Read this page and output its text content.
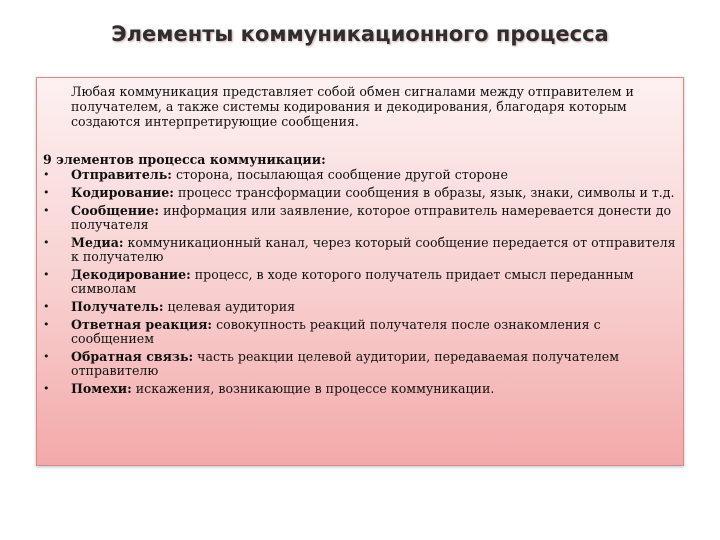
Элементы коммуникационного процесса

Любая коммуникация представляет собой обмен сигналами между отправителем и получателем, а также системы кодирования и декодирования, благодаря которым создаются интерпретирующие сообщения.

9 элементов процесса коммуникации:

• Отправитель: сторона, посылающая сообщение другой стороне
• Кодирование: процесс трансформации сообщения в образы, язык, знаки, символы и т.д.
• Сообщение: информация или заявление, которое отправитель намеревается донести до получателя
• Медиа: коммуникационный канал, через который сообщение передается от отправителя к получателю
• Декодирование: процесс, в ходе которого получатель придает смысл переданным символам
• Получатель: целевая аудитория
• Ответная реакция: совокупность реакций получателя после ознакомления с сообщением
• Обратная связь: часть реакции целевой аудитории, передаваемая получателем отправителю
• Помехи: искажения, возникающие в процессе коммуникации.
